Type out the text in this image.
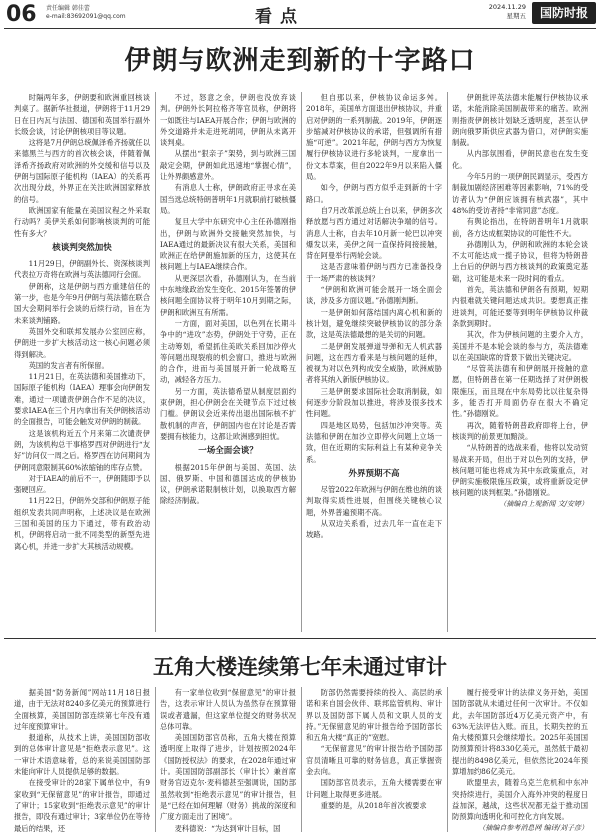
06 责任编辑 韩佳蕾
e-mail:83692091@qq.com	看点	2024.11.29
星期五	国防时报
伊朗与欧洲走到新的十字路口

时隔两年多，伊朗要和欧洲重回核谈判桌了。据新华社报道，伊朗将于11月29日在日内瓦与法国、德国和英国举行副外长级会谈，讨论伊朗核项目等议题。

这将是7月伊朗总统佩泽希齐扬就任以来德黑兰与西方的首次核会谈，伴随着佩泽希齐扬政府对欧洲的外交缓和信号以及伊朗与国际原子能机构（IAEA）的关系再次出现分歧，外界正在关注欧洲国家释放的信号。

欧洲国家有能量在美国议程之外采取行动吗？美伊关系如何影响核谈判的可能性有多大？

核谈判突然加快

11月29日，伊朗副外长、资深核谈判代表拉万奇将在欧洲与英法德同行会面。

伊朗称，这是伊朗与西方重建信任的第一步，也是今年9月伊朗与英法德在联合国大会期间举行会谈的后续行动，旨在为未来谈判铺路。

英国外交和联邦发展办公室回应称，伊朗进一步扩大核活动这一核心问题必须得到解决。

英国的发言者有所保留。

11月21日，在英法德和美国推动下，国际原子能机构（IAEA）理事会向伊朗发难，通过一项谴责伊朗合作不足的决议，要求IAEA在三个月内拿出有关伊朗核活动的全面报告，可能会触发对伊朗的制裁。

这是该机构近五个月来第二次谴责伊朗，为该机构总干事格罗西对伊朗进行“友好”访问仅一周之后。格罗西在访问期间为伊朗同意限制其60%浓缩铀的库存点赞。

对于IAEA的前后不一，伊朗随即予以强硬回应。

11月22日，伊朗外交部和伊朗原子能组织发表共同声明称，上述决议是在欧洲三国和美国的压力下通过，带有政治动机，伊朗将启动一批不同类型的新型先进离心机，并进一步扩大其核活动规模。

不过，怒意之余，伊朗也没放弃谈判。伊朗外长阿拉格齐等官员称，伊朗将一如既往与IAEA开展合作；伊朗与欧洲的外交道路并未走进死胡同，伊朗从未离开谈判桌。

从摆出“狠亲子”架势，到与欧洲三国敲定会期，伊朗如此迅速地“掌握心情”，让外界颇感意外。

有消息人士称，伊朗政府正寻求在美国当选总统特朗普明年1月就职前打破核僵局。

复旦大学中东研究中心主任孙德刚指出，伊朗与欧洲外交接触突然加快，与IAEA通过的最新决议有很大关系，美国和欧洲正在给伊朗施加新的压力，这使其在核问题上与IAEA继续合作。

从更深层次看，孙德刚认为，在当前中东地缘政治发生变化、2015年签署的伊核问题全面协议将于明年10月到期之际，伊朗和欧洲互有所需。

一方面，面对美国，以色列在长期斗争中的“进攻”态势，伊朗处于守势，正在主动筹划，希望抓住美欧关系回加沙停火等问题出现裂痕的机会窗口，推进与欧洲的合作，进而与美国展开新一轮战略互动，减轻各方压力。

另一方面，英法德希望从制度层面约束伊朗，担心伊朗会在关键节点下过过核门槛。伊朗议会近来传出退出国际核不扩散机制的声音，伊朗国内也在讨论是否需要拥有核能力，这都让欧洲感到担忧。

一场全面会谈？

根据2015年伊朗与美国、英国、法国、俄罗斯、中国和德国达成的伊核协议，伊朗承诺限制核计划，以换取西方解除经济制裁。

但自那以来，伊核协议命运多舛。2018年，美国单方面退出伊核协议，并重启对伊朗的一系列制裁。2019年，伊朗逐步缩减对伊核协议的承诺，但强调所有措施“可逆”。2021年起，伊朗与西方为恢复履行伊核协议进行多轮谈判，一度拿出一份文本草案，但自2022年9月以来陷入僵局。

如今，伊朗与西方似乎走到新的十字路口。

自7月改革派总统上台以来，伊朗多次释放愿与西方通过对话解决争端的信号。消息人士称，自去年10月新一轮巴以冲突爆发以来，美伊之间一直保持间接接触，背在阿曼举行两轮会谈。

这是否意味着伊朗与西方已准备投身于一场严肃的核谈判？

“伊朗和欧洲可能会展开一场全面会谈，涉及多方面议题。”孙德刚判断。

一是伊朗如何落结国内离心机和新的核计划，避免继续突破伊核协议的部分条款，这是英法德最想的是关切的问题。

二是伊朗发展弹道导弹和无人机武器问题，这在西方看来是与核问题的延伸，被视为对以色列构成安全威胁，欧洲威胁者将其纳入新版伊核协议。

三是伊朗要求国际社会取消制裁，如何逐步分阶段加以推进，将涉及很多技术性问题。

四是地区局势，包括加沙冲突等。英法德和伊朗在加沙立即停火问题上立场一致，但在近期的实际利益上有某种竞争关系。

外界预期不高

尽管2022年欧洲与伊朗在维也纳的谈判取得实质性进展，但围绕关键核心议题，外界普遍预期不高。

从双边关系看，过去几年一直在走下坡路。

伊朗批评英法德未能履行伊核协议承诺，未能消除美国制裁带来的痛苦。欧洲则指责伊朗核计划缺乏透明度，甚至认伊朗向俄罗斯供应武器为借口，对伊朗实施制裁。

从内部氛围看，伊朗民意也在发生变化。

今年5月的一项伊朗民调显示，受西方制裁加剧经济困难等因素影响，71%的受访者认为“伊朗应该拥有核武器”，其中48%的受访者持“非常同意”态度。

有舆论指出，在特朗普明年1月就职前，各方达成框架协议的可能性不大。

孙德刚认为，伊朗和欧洲的本轮会谈不太可能达成一揽子协议，但将为特朗普上台后的伊朗与西方核谈判的政策奠定基础，这可能是未来一段时间的看点。

首先，英法德和伊朗各有预期，短期内很难就关键问题达成共识。要想真正推进谈判，可能还要等到明年伊核协议仲裁条款到期时。

其次，作为伊核问题的主要介入方，美国并不是本轮会谈的参与方，英法德难以在美国缺席的背景下做出关键决定。

“尽管英法德有和伊朗展开接触的意愿，但特朗普在第一任期选择了对伊朗极限施压，而且现在中东局势比以往复杂得多，能否打开局面仍存在很大不确定性。”孙德刚说。

再次，随着特朗普政府即将上台，伊核谈判的前景更加黯淡。

“从特朗普的选战来看，他将以发动贸易战来开局，但出于对以色列的支持，伊核问题可能也将成为其中东政策重点，对伊朗实施极限施压政策，或将重新设定伊核问题的谈判框架。”孙德刚说。

（摘编自上观新闻 文/安婷）

五角大楼连续第七年未通过审计

据美国“防务新闻”网站11月18日报道，由于无法对8240多亿美元的预算进行全面核算，美国国防部连续第七年没有通过年度预算审计。

报道称，从技术上讲，美国国防部收到的总体审计意见是“拒绝表示意见”。这一审计术语意味着，总的来说美国国防部未能向审计人员提供足够的数据。

在接受审计的28家下属单位中，有9家收到“无保留意见”的审计报告，即通过了审计；15家收到“拒绝表示意见”的审计报告，即没有通过审计；3家单位仍在等待最后的结果，还

有一家单位收到“保留意见”的审计报告，这表示审计人员认为虽然存在预算错误或者遗漏，但这家单位提交的财务状况总体可靠。

美国国防部官员称，五角大楼在预算透明度上取得了进步，计划按照2024年《国防授权法》的要求，在2028年通过审计。美国国防部副部长（审计长）兼首席财务官迈克尔·麦科德甚至强调说，国防部虽然收到“拒绝表示意见”的审计报告，但是“已经在如何理解（财务）挑战的深度和广度方面走出了困境”。

麦科德说：“为达到审计目标，国

防部仍然需要持续的投入、高层的承诺和来自国会伙伴、联邦监管机构、审计界以及国防部下属人员和文职人员的支持。”无保留意见的审计报告给予国防部长和五角大楼“真正的”宽慰。

“无保留意见”的审计报告给予国防部官员清晰且可靠的财务信息，真正掌握资金去向。

国防部官员表示，五角大楼需要在审计问题上取得更多进展。

重要的是，从2018年首次被要求

履行接受审计的法律义务开始，美国国防部就从未通过任何一次审计。不仅如此，去年国防部近4万亿美元资产中，有63%无法评估入账。而且，长期失控的五角大楼预算只会继续增长。2025年美国国防预算预计将8330亿美元，虽然低于最初提出的8498亿美元，但依然比2024年预算增加约86亿美元。

欧盟里去，随着乌克兰危机和中东冲突持续进行，美国介入海外冲突的程度日益加深，越战，这些状况都无益于推动国防预算向透明化和可控化方向发展。

（摘编自参考消息网 编译/刘子彦）
